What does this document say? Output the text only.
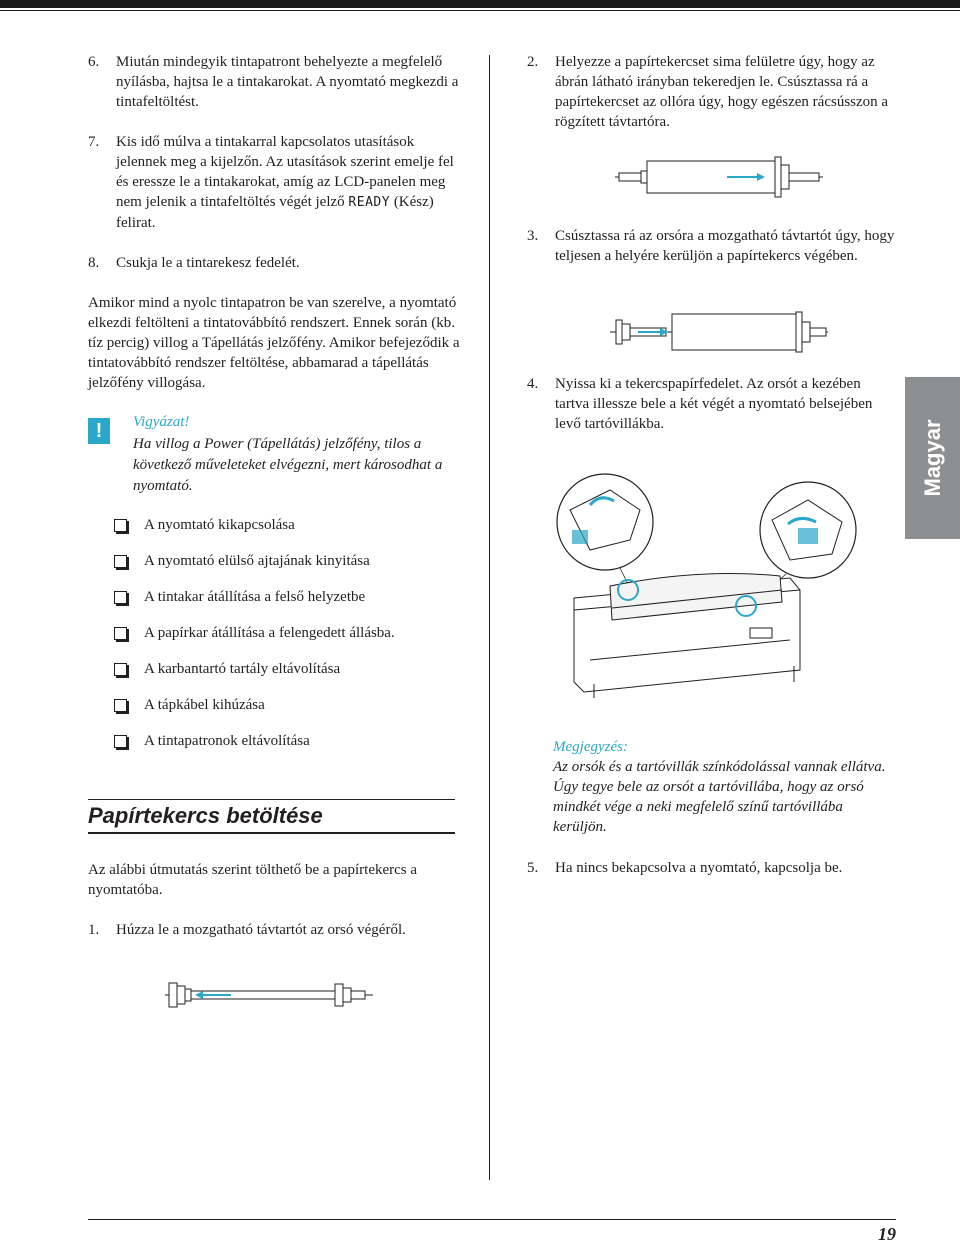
6. Miután mindegyik tintapatront behelyezte a megfelelő nyílásba, hajtsa le a tintakarokat. A nyomtató megkezdi a tintafeltöltést.
7. Kis idő múlva a tintakarral kapcsolatos utasítások jelennek meg a kijelzőn. Az utasítások szerint emelje fel és eressze le a tintakarokat, amíg az LCD-panelen meg nem jelenik a tintafeltöltés végét jelző READY (Kész) felirat.
8. Csukja le a tintarekesz fedelét.

Amikor mind a nyolc tintapatron be van szerelve, a nyomtató elkezdi feltölteni a tintatovábbító rendszert. Ennek során (kb. tíz percig) villog a Tápellátás jelzőfény. Amikor befejeződik a tintatovábbító rendszer feltöltése, abbamarad a tápellátás jelzőfény villogása.

!	Vigyázat!
Ha villog a Power (Tápellátás) jelzőfény, tilos a következő műveleteket elvégezni, mert károsodhat a nyomtató.
A nyomtató kikapcsolása
A nyomtató elülső ajtajának kinyitása
A tintakar átállítása a felső helyzetbe
A papírkar átállítása a felengedett állásba.
A karbantartó tartály eltávolítása
A tápkábel kihúzása
A tintapatronok eltávolítása
Papírtekercs betöltése

Az alábbi útmutatás szerint tölthető be a papírtekercs a nyomtatóba.

1. Húzza le a mozgatható távtartót az orsó végéről.
2. Helyezze a papírtekercset sima felületre úgy, hogy az ábrán látható irányban tekeredjen le. Csúsztassa rá a papírtekercset az ollóra úgy, hogy egészen rácsússzon a rögzített távtartóra.
3. Csúsztassa rá az orsóra a mozgatható távtartót úgy, hogy teljesen a helyére kerüljön a papírtekercs végében.
4. Nyissa ki a tekercspapírfedelet. Az orsót a kezében tartva illessze bele a két végét a nyomtató belsejében levő tartóvillákba.
Megjegyzés:
Az orsók és a tartóvillák színkódolással vannak ellátva. Úgy tegye bele az orsót a tartóvillába, hogy az orsó mindkét vége a neki megfelelő színű tartóvillába kerüljön.
5. Ha nincs bekapcsolva a nyomtató, kapcsolja be.
Magyar
19
